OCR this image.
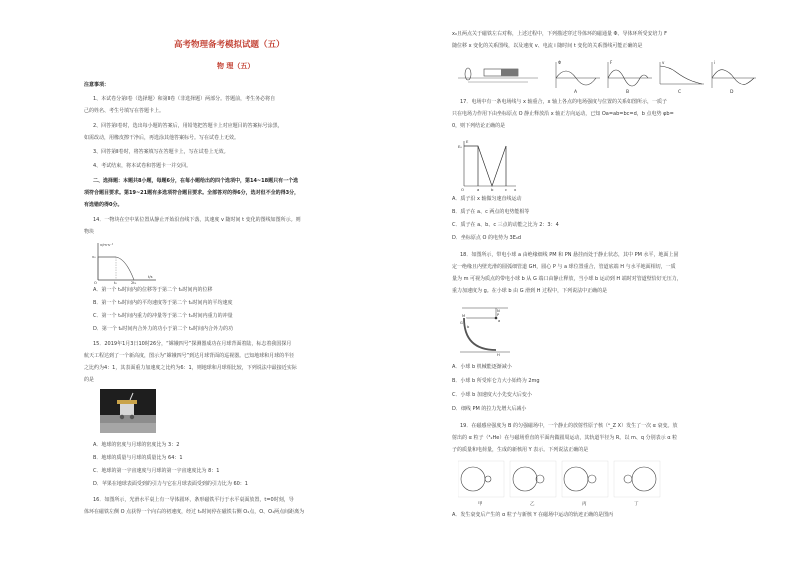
高考物理备考模拟试题（五）
物 理（五）
注意事项：
1、本试卷分第Ⅰ卷（选择题）和第Ⅱ卷（非选择题）两部分。答题前，考生务必将自
己的姓名、考生号填写在答题卡上。
2、回答第Ⅰ卷时，选出每小题的答案后，用铅笔把答题卡上对应题目的答案标号涂黑，
如需改动，用橡皮擦干净后，再选涂其他答案标号。写在试卷上无效。
3、回答第Ⅱ卷时，将答案填写在答题卡上，写在试卷上无效。
4、考试结束，将本试卷和答题卡一并交回。
二、选择题：本题共8小题，每题6分，在每小题给出的四个选项中，第14~18题只有一个选
项符合题目要求。第19~21题有多选项符合题目要求。全部答对的得6分，选对但不全的得3分，
有选错的得0分。
14．一物块在空中某位置从静止开始沿直线下落，其速度 v 随时间 t 变化的图线如图所示。则
物块
v/m·s⁻¹
v₀
O	t₀	2t₀
t/s
A．第一个 t₀时间内的位移等于第二个 t₀时间内的位移
B．第一个 t₀时间内的平均速度等于第二个 t₀时间内的平均速度
C．第一个 t₀时间内重力的冲量等于第二个 t₀时间内重力的冲量
D．第一个 t₀时间内合外力的功小于第二个 t₀时间内合外力的功
15．2019年1月3日10时26分，“嫦娥四号”探测器成功在月球背面着陆，标志着我国探月
航天工程达到了一个新高度，图示为“嫦娥四号”到达月球背面的巡视器。已知地球和月球的半径
之比约为4：1，其表面重力加速度之比约为6：1，则地球和月球相比较，下列说法中最接近实际
的是
A．地球的密度与月球的密度比为 3：2
B．地球的质量与月球的质量比为 64：1
C．地球的第一宇宙速度与月球的第一宇宙速度比为 8：1
D．苹果在地球表面受到的引力与它在月球表面受到的引力比为 60：1
16．如图所示，光滑水平桌上有一导体圆环，条形磁铁平行于水平桌面放置，t=0时刻，导
体环在磁铁左侧 O 点获得一个向右的初速度，经过 t₀时间停在磁铁右侧 O₁点，O、O₁两点间距离为
x₀且两点关于磁铁左右对称，上述过程中，下列描述穿过导体环的磁通量 Φ、导体环所受安培力 F
随位移 x 变化的关系图线，以及速度 v、电流 i 随时间 t 变化的关系图线可能正确的是
Φ
A
F
B
v
C
i
D
17．电场中有一条电场线与 x 轴重合，x 轴上各点的电场强度与位置的关系如图所示，一质子
只在电场力作用下由坐标原点 O 静止释放沿 x 轴正方向运动，已知 Oa=ab=bc=d，b 点电势 φb=
0，则下列结论正确的是
E
E₀
O	a	b	c x
A．质子沿 x 轴做匀速直线运动
B．质子在 a、c 两点的电势能相等
C．质子在 a、b、c 三点的动能之比为 2：3：4
D．坐标原点 O 的电势为 3E₀d
18．如图所示，带电小球 a 由绝缘细线 PM 和 PN 悬挂而处于静止状态，其中 PM 水平，地面上固
定一绝缘且内壁光滑的圆弧细管道 GH，圆心 P 与 a 球位置重合，管道底端 H 与水平地面相切，一质
量为 m 可视为质点的带电小球 b 从 G 端口由静止释放，当小球 b 运动到 H 端时对管道壁恰好无压力，
重力加速度为 g。在小球 b 由 G 滑到 H 过程中，下列说法中正确的是
P
M
N
G
H
a
b
A．小球 b 机械能逐渐减小
B．小球 b 所受库仑力大小始终为 2mg
C．小球 b 加速度大小先变大后变小
D．细线 PM 的拉力先增大后减小
19．在磁感应强度为 B 的匀强磁场中，一个静止的放射性原子核（ᴬ_Z X）发生了一次 α 衰变。放
射出的 α 粒子（⁴₂He）在与磁场垂直的平面内做圆周运动，其轨道半径为 R。以 m、q 分别表示 α 粒
子的质量和电荷量，生成的新核用 Y 表示。下列说法正确的是
甲	乙	丙	丁
A．发生衰变后产生的 α 粒子与新核 Y 在磁场中运动的轨迹正确的是图丙
